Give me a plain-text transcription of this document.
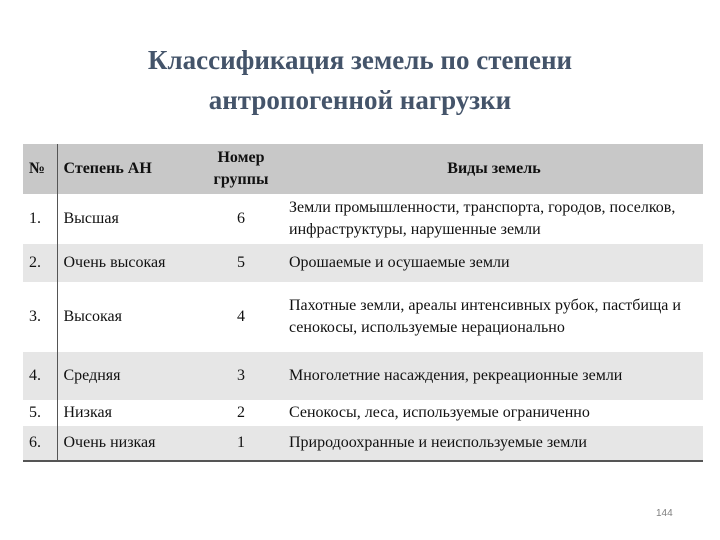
Классификация земель по степени
антропогенной нагрузки
№	Степень АН	Номер группы	Виды земель
1.	Высшая	6	Земли промышленности, транспорта, городов, поселков, инфраструктуры, нарушенные земли
2.	Очень высокая	5	Орошаемые и осушаемые земли
3.	Высокая	4	Пахотные земли, ареалы интенсивных рубок, пастбища и сенокосы, используемые нерационально
4.	Средняя	3	Многолетние насаждения, рекреационные земли
5.	Низкая	2	Сенокосы, леса, используемые ограниченно
6.	Очень низкая	1	Природоохранные и неиспользуемые земли
144
